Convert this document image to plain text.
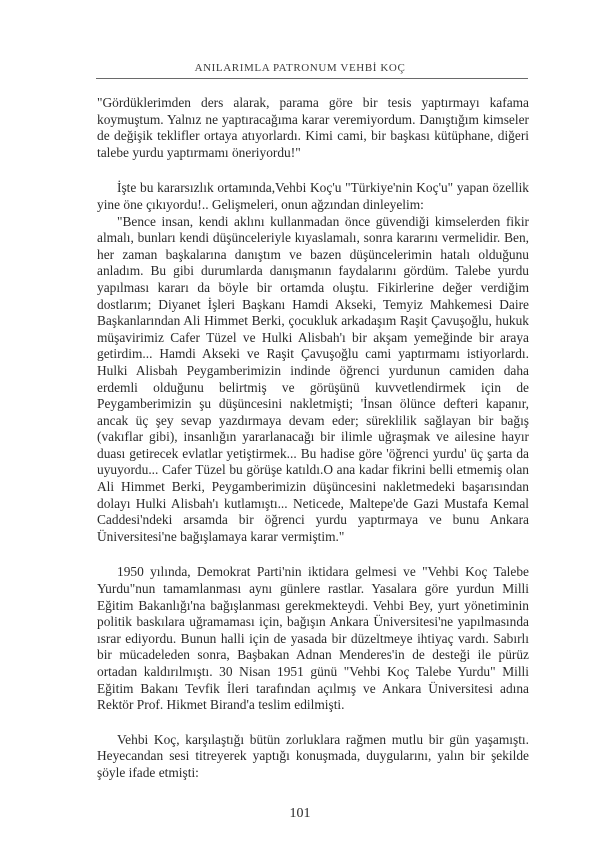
ANILARIMLA PATRONUM VEHBİ KOÇ

"Gördüklerimden ders alarak, parama göre bir tesis yaptırmayı kafama koymuştum. Yalnız ne yaptıracağıma karar veremiyordum. Danıştığım kimseler de değişik teklifler ortaya atıyorlardı. Kimi cami, bir başkası kütüphane, diğeri talebe yurdu yaptırmamı öneriyordu!"

İşte bu kararsızlık ortamında,Vehbi Koç'u "Türkiye'nin Koç'u" yapan özellik yine öne çıkıyordu!.. Gelişmeleri, onun ağzından dinleyelim:

"Bence insan, kendi aklını kullanmadan önce güvendiği kimselerden fikir almalı, bunları kendi düşünceleriyle kıyaslamalı, sonra kararını vermelidir. Ben, her zaman başkalarına danıştım ve bazen düşüncelerimin hatalı olduğunu anladım. Bu gibi durumlarda danışmanın faydalarını gördüm. Talebe yurdu yapılması kararı da böyle bir ortamda oluştu. Fikirlerine değer verdiğim dostlarım; Diyanet İşleri Başkanı Hamdi Akseki, Temyiz Mahkemesi Daire Başkanlarından Ali Himmet Berki, çocukluk arkadaşım Raşit Çavuşoğlu, hukuk müşavirimiz Cafer Tüzel ve Hulki Alisbah'ı bir akşam yemeğinde bir araya getirdim... Hamdi Akseki ve Raşit Çavuşoğlu cami yaptırmamı istiyorlardı. Hulki Alisbah Peygamberimizin indinde öğrenci yurdunun camiden daha erdemli olduğunu belirtmiş ve görüşünü kuvvetlendirmek için de Peygamberimizin şu düşüncesini nakletmişti; 'İnsan ölünce defteri kapanır, ancak üç şey sevap yazdırmaya devam eder; süreklilik sağlayan bir bağış (vakıflar gibi), insanlığın yararlanacağı bir ilimle uğraşmak ve ailesine hayır duası getirecek evlatlar yetiştirmek... Bu hadise göre 'öğrenci yurdu' üç şarta da uyuyordu... Cafer Tüzel bu görüşe katıldı.O ana kadar fikrini belli etmemiş olan Ali Himmet Berki, Peygamberimizin düşüncesini nakletmedeki başarısından dolayı Hulki Alisbah'ı kutlamıştı... Neticede, Maltepe'de Gazi Mustafa Kemal Caddesi'ndeki arsamda bir öğrenci yurdu yaptırmaya ve bunu Ankara Üniversitesi'ne bağışlamaya karar vermiştim."

1950 yılında, Demokrat Parti'nin iktidara gelmesi ve "Vehbi Koç Talebe Yurdu"nun tamamlanması aynı günlere rastlar. Yasalara göre yurdun Milli Eğitim Bakanlığı'na bağışlanması gerekmekteydi. Vehbi Bey, yurt yönetiminin politik baskılara uğramaması için, bağışın Ankara Üniversitesi'ne yapılmasında ısrar ediyordu. Bunun halli için de yasada bir düzeltmeye ihtiyaç vardı. Sabırlı bir mücadeleden sonra, Başbakan Adnan Menderes'in de desteği ile pürüz ortadan kaldırılmıştı. 30 Nisan 1951 günü "Vehbi Koç Talebe Yurdu" Milli Eğitim Bakanı Tevfik İleri tarafından açılmış ve Ankara Üniversitesi adına Rektör Prof. Hikmet Birand'a teslim edilmişti.

Vehbi Koç, karşılaştığı bütün zorluklara rağmen mutlu bir gün yaşamıştı. Heyecandan sesi titreyerek yaptığı konuşmada, duygularını, yalın bir şekilde şöyle ifade etmişti:

101
